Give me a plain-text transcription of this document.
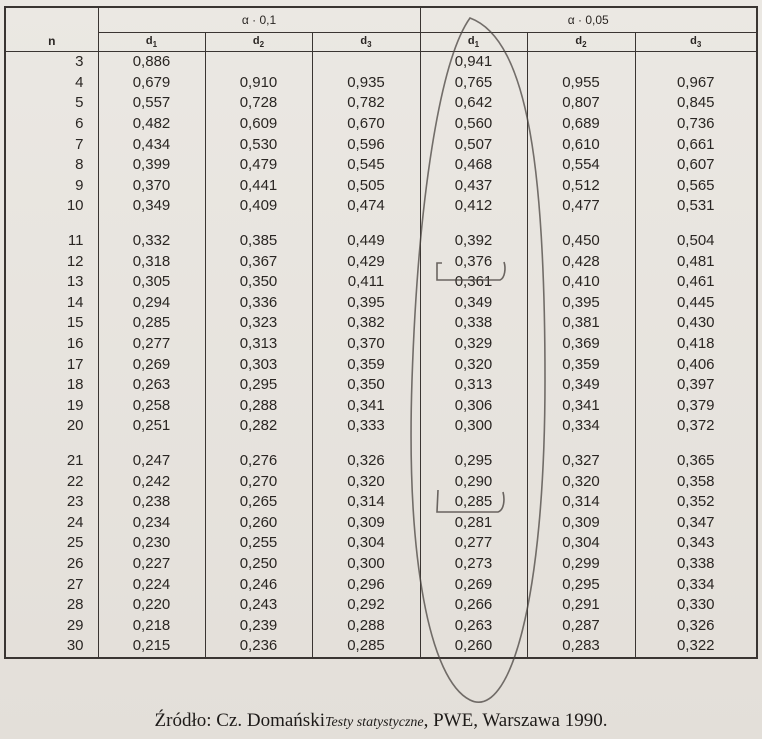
n	α · 0,1			α · 0,05		
	$d_1$	$d_2$	$d_3$	$d_1$	$d_2$	$d_3$
3	0,886			0,941		
4	0,679	0,910	0,935	0,765	0,955	0,967
5	0,557	0,728	0,782	0,642	0,807	0,845
6	0,482	0,609	0,670	0,560	0,689	0,736
7	0,434	0,530	0,596	0,507	0,610	0,661
8	0,399	0,479	0,545	0,468	0,554	0,607
9	0,370	0,441	0,505	0,437	0,512	0,565
10	0,349	0,409	0,474	0,412	0,477	0,531

11	0,332	0,385	0,449	0,392	0,450	0,504
12	0,318	0,367	0,429	0,376	0,428	0,481
13	0,305	0,350	0,411	0,361	0,410	0,461
14	0,294	0,336	0,395	0,349	0,395	0,445
15	0,285	0,323	0,382	0,338	0,381	0,430
16	0,277	0,313	0,370	0,329	0,369	0,418
17	0,269	0,303	0,359	0,320	0,359	0,406
18	0,263	0,295	0,350	0,313	0,349	0,397
19	0,258	0,288	0,341	0,306	0,341	0,379
20	0,251	0,282	0,333	0,300	0,334	0,372

21	0,247	0,276	0,326	0,295	0,327	0,365
22	0,242	0,270	0,320	0,290	0,320	0,358
23	0,238	0,265	0,314	0,285	0,314	0,352
24	0,234	0,260	0,309	0,281	0,309	0,347
25	0,230	0,255	0,304	0,277	0,304	0,343
26	0,227	0,250	0,300	0,273	0,299	0,338
27	0,224	0,246	0,296	0,269	0,295	0,334
28	0,220	0,243	0,292	0,266	0,291	0,330
29	0,218	0,239	0,288	0,263	0,287	0,326
30	0,215	0,236	0,285	0,260	0,283	0,322
Źródło: Cz. DomańskiTesty statystyczne, PWE, Warszawa 1990.
